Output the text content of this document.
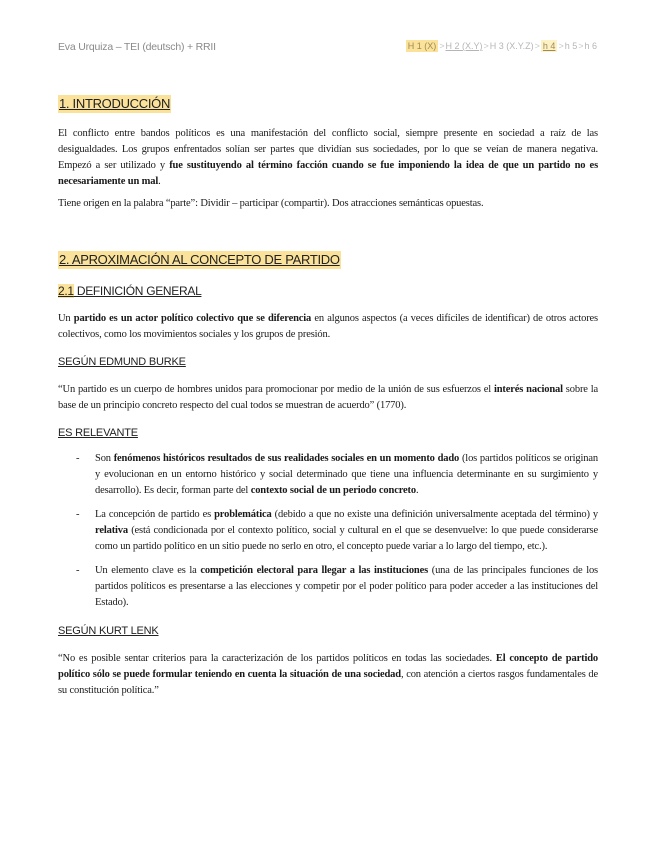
Eva Urquiza – TEI (deutsch) + RRII	H 1 (X) >H 2 (X.Y)>H 3 (X.Y.Z)> h 4 >h 5>h 6
1. INTRODUCCIÓN

El conflicto entre bandos políticos es una manifestación del conflicto social, siempre presente en sociedad a raíz de las desigualdades. Los grupos enfrentados solían ser partes que dividían sus sociedades, por lo que se veían de manera negativa. Empezó a ser utilizado y fue sustituyendo al término facción cuando se fue imponiendo la idea de que un partido no es necesariamente un mal.

Tiene origen en la palabra “parte”: Dividir – participar (compartir). Dos atracciones semánticas opuestas.

2. APROXIMACIÓN AL CONCEPTO DE PARTIDO
2.1 DEFINICIÓN GENERAL

Un partido es un actor político colectivo que se diferencia en algunos aspectos (a veces difíciles de identificar) de otros actores colectivos, como los movimientos sociales y los grupos de presión.

SEGÚN EDMUND BURKE

“Un partido es un cuerpo de hombres unidos para promocionar por medio de la unión de sus esfuerzos el interés nacional sobre la base de un principio concreto respecto del cual todos se muestran de acuerdo” (1770).

ES RELEVANTE
- Son fenómenos históricos resultados de sus realidades sociales en un momento dado (los partidos políticos se originan y evolucionan en un entorno histórico y social determinado que tiene una influencia determinante en su surgimiento y desarrollo). Es decir, forman parte del contexto social de un periodo concreto.

- La concepción de partido es problemática (debido a que no existe una definición universalmente aceptada del término) y relativa (está condicionada por el contexto político, social y cultural en el que se desenvuelve: lo que puede considerarse como un partido político en un sitio puede no serlo en otro, el concepto puede variar a lo largo del tiempo, etc.).

- Un elemento clave es la competición electoral para llegar a las instituciones (una de las principales funciones de los partidos políticos es presentarse a las elecciones y competir por el poder político para poder acceder a las instituciones del Estado).

SEGÚN KURT LENK

“No es posible sentar criterios para la caracterización de los partidos políticos en todas las sociedades. El concepto de partido político sólo se puede formular teniendo en cuenta la situación de una sociedad, con atención a ciertos rasgos fundamentales de su constitución política.”
